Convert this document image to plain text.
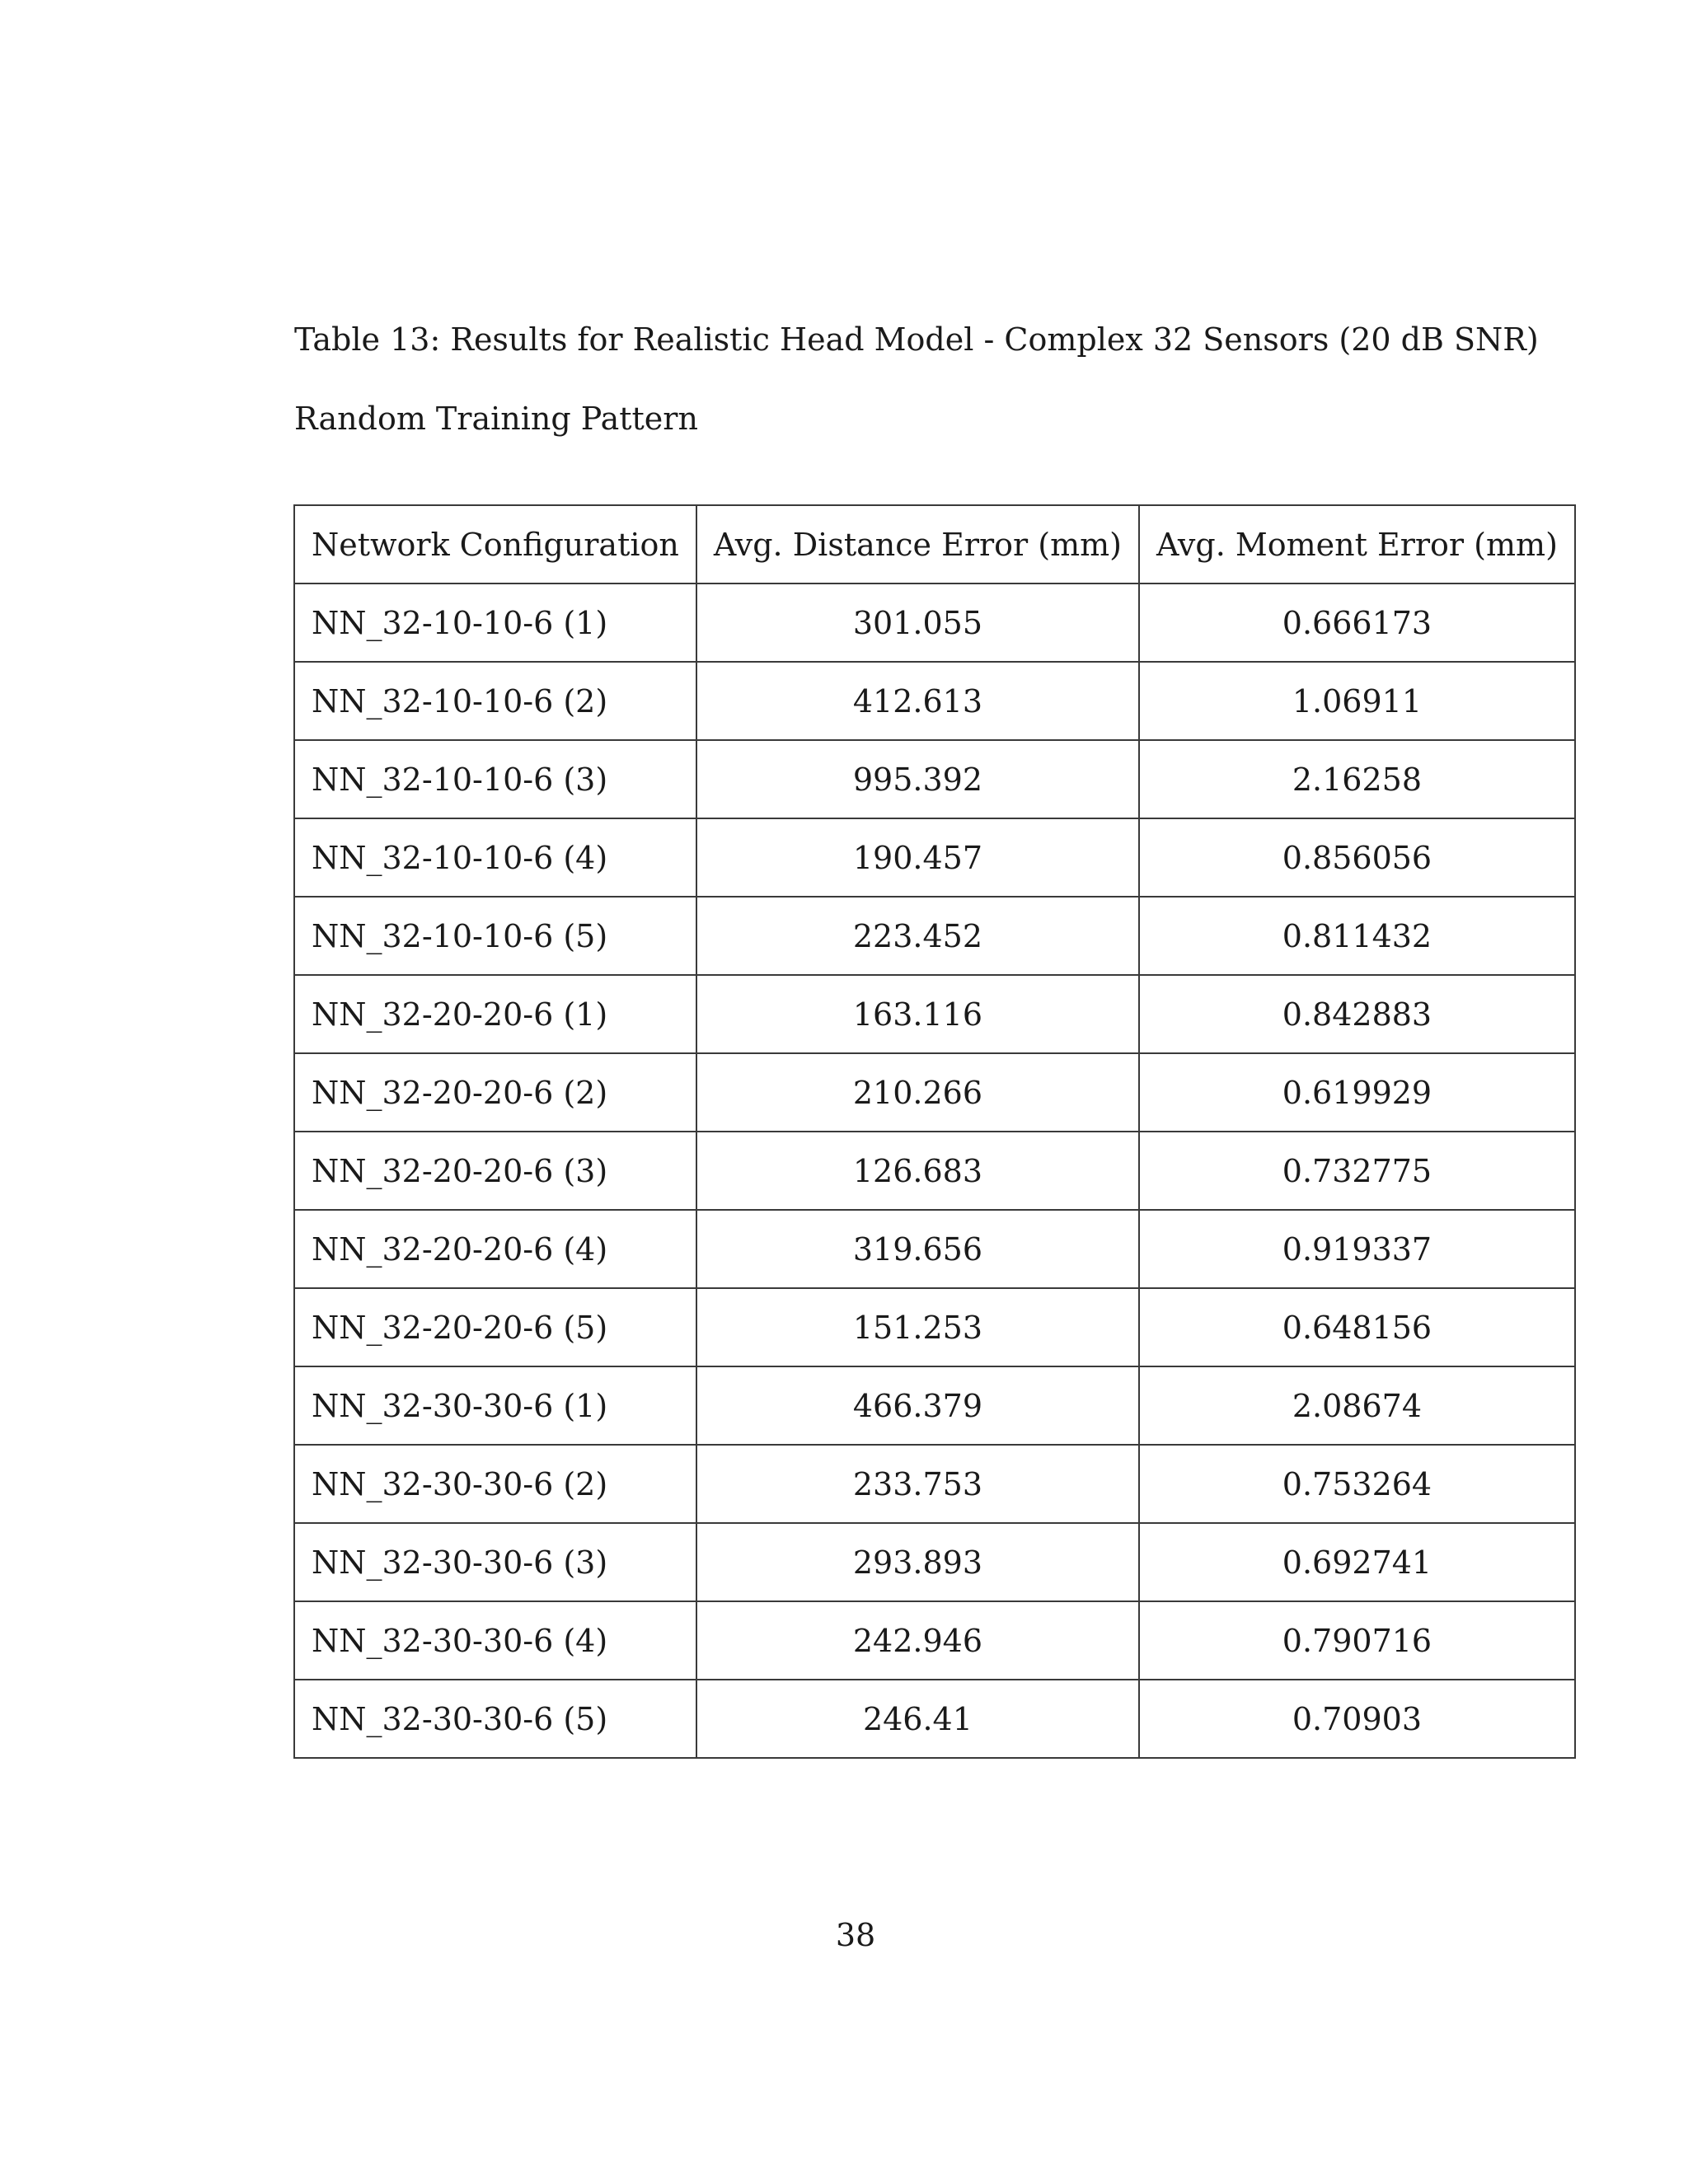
Table 13: Results for Realistic Head Model - Complex 32 Sensors (20 dB SNR)

Random Training Pattern

Network Configuration	Avg. Distance Error (mm)	Avg. Moment Error (mm)
NN_32-10-10-6 (1)	301.055	0.666173
NN_32-10-10-6 (2)	412.613	1.06911
NN_32-10-10-6 (3)	995.392	2.16258
NN_32-10-10-6 (4)	190.457	0.856056
NN_32-10-10-6 (5)	223.452	0.811432
NN_32-20-20-6 (1)	163.116	0.842883
NN_32-20-20-6 (2)	210.266	0.619929
NN_32-20-20-6 (3)	126.683	0.732775
NN_32-20-20-6 (4)	319.656	0.919337
NN_32-20-20-6 (5)	151.253	0.648156
NN_32-30-30-6 (1)	466.379	2.08674
NN_32-30-30-6 (2)	233.753	0.753264
NN_32-30-30-6 (3)	293.893	0.692741
NN_32-30-30-6 (4)	242.946	0.790716
NN_32-30-30-6 (5)	246.41	0.70903
38
